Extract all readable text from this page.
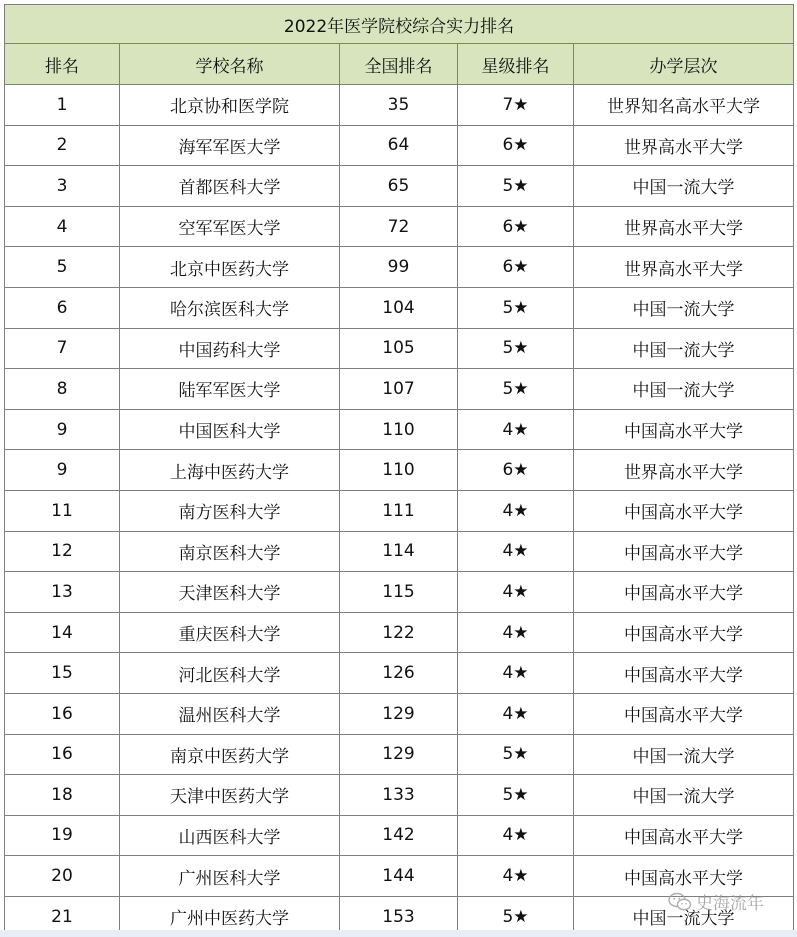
2022年医学院校综合实力排名				
排名	学校名称	全国排名	星级排名	办学层次
1	北京协和医学院	35	7★	世界知名高水平大学
2	海军军医大学	64	6★	世界高水平大学
3	首都医科大学	65	5★	中国一流大学
4	空军军医大学	72	6★	世界高水平大学
5	北京中医药大学	99	6★	世界高水平大学
6	哈尔滨医科大学	104	5★	中国一流大学
7	中国药科大学	105	5★	中国一流大学
8	陆军军医大学	107	5★	中国一流大学
9	中国医科大学	110	4★	中国高水平大学
9	上海中医药大学	110	6★	世界高水平大学
11	南方医科大学	111	4★	中国高水平大学
12	南京医科大学	114	4★	中国高水平大学
13	天津医科大学	115	4★	中国高水平大学
14	重庆医科大学	122	4★	中国高水平大学
15	河北医科大学	126	4★	中国高水平大学
16	温州医科大学	129	4★	中国高水平大学
16	南京中医药大学	129	5★	中国一流大学
18	天津中医药大学	133	5★	中国一流大学
19	山西医科大学	142	4★	中国高水平大学
20	广州医科大学	144	4★	中国高水平大学
21	广州中医药大学	153	5★	中国一流大学
史海流年
